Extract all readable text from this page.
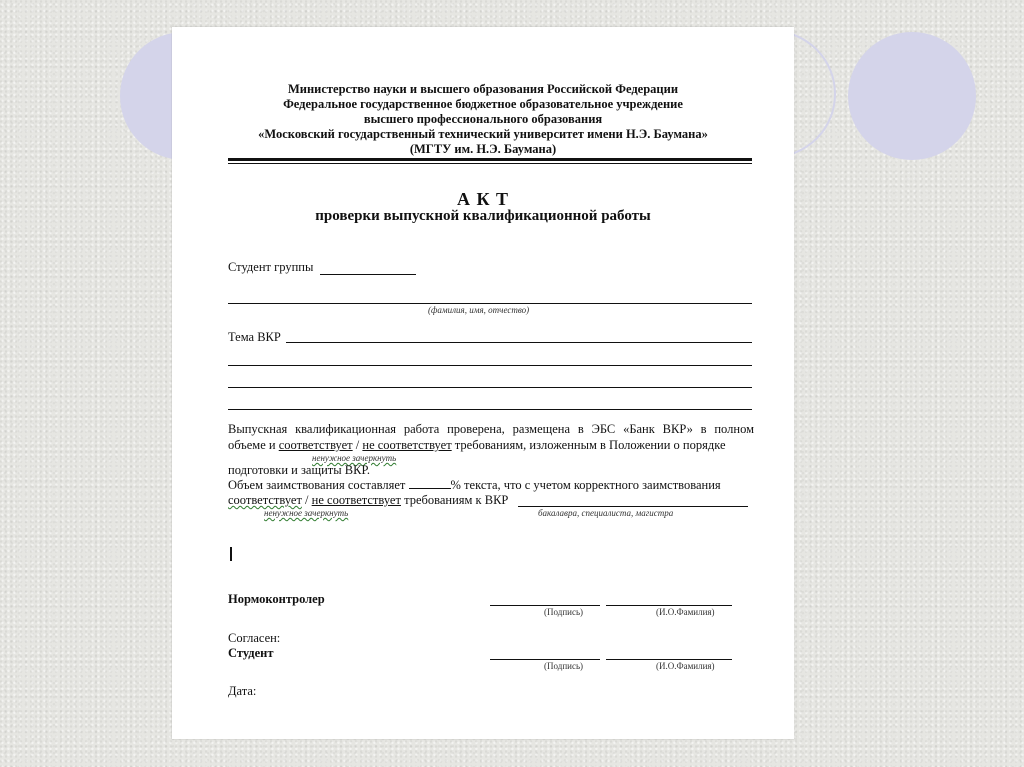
Министерство науки и высшего образования Российской Федерации
Федеральное государственное бюджетное образовательное учреждение
высшего профессионального образования
«Московский государственный технический университет имени Н.Э. Баумана»
(МГТУ им. Н.Э. Баумана)
А К Т
проверки выпускной квалификационной работы
Студент группы
(фамилия, имя, отчество)
Тема ВКР
Выпускная квалификационная работа проверена, размещена в ЭБС «Банк ВКР» в полном
объеме и соответствует / не соответствует требованиям, изложенным в Положении о порядке
ненужное зачеркнуть
подготовки и защиты ВКР.
Объем заимствования составляет	% текста, что с учетом корректного заимствования
соответствует / не соответствует требованиям к ВКР
ненужное зачеркнуть	бакалавра, специалиста, магистра
Нормоконтролер
(Подпись)	(И.О.Фамилия)
Согласен:
Студент
(Подпись)	(И.О.Фамилия)
Дата:
